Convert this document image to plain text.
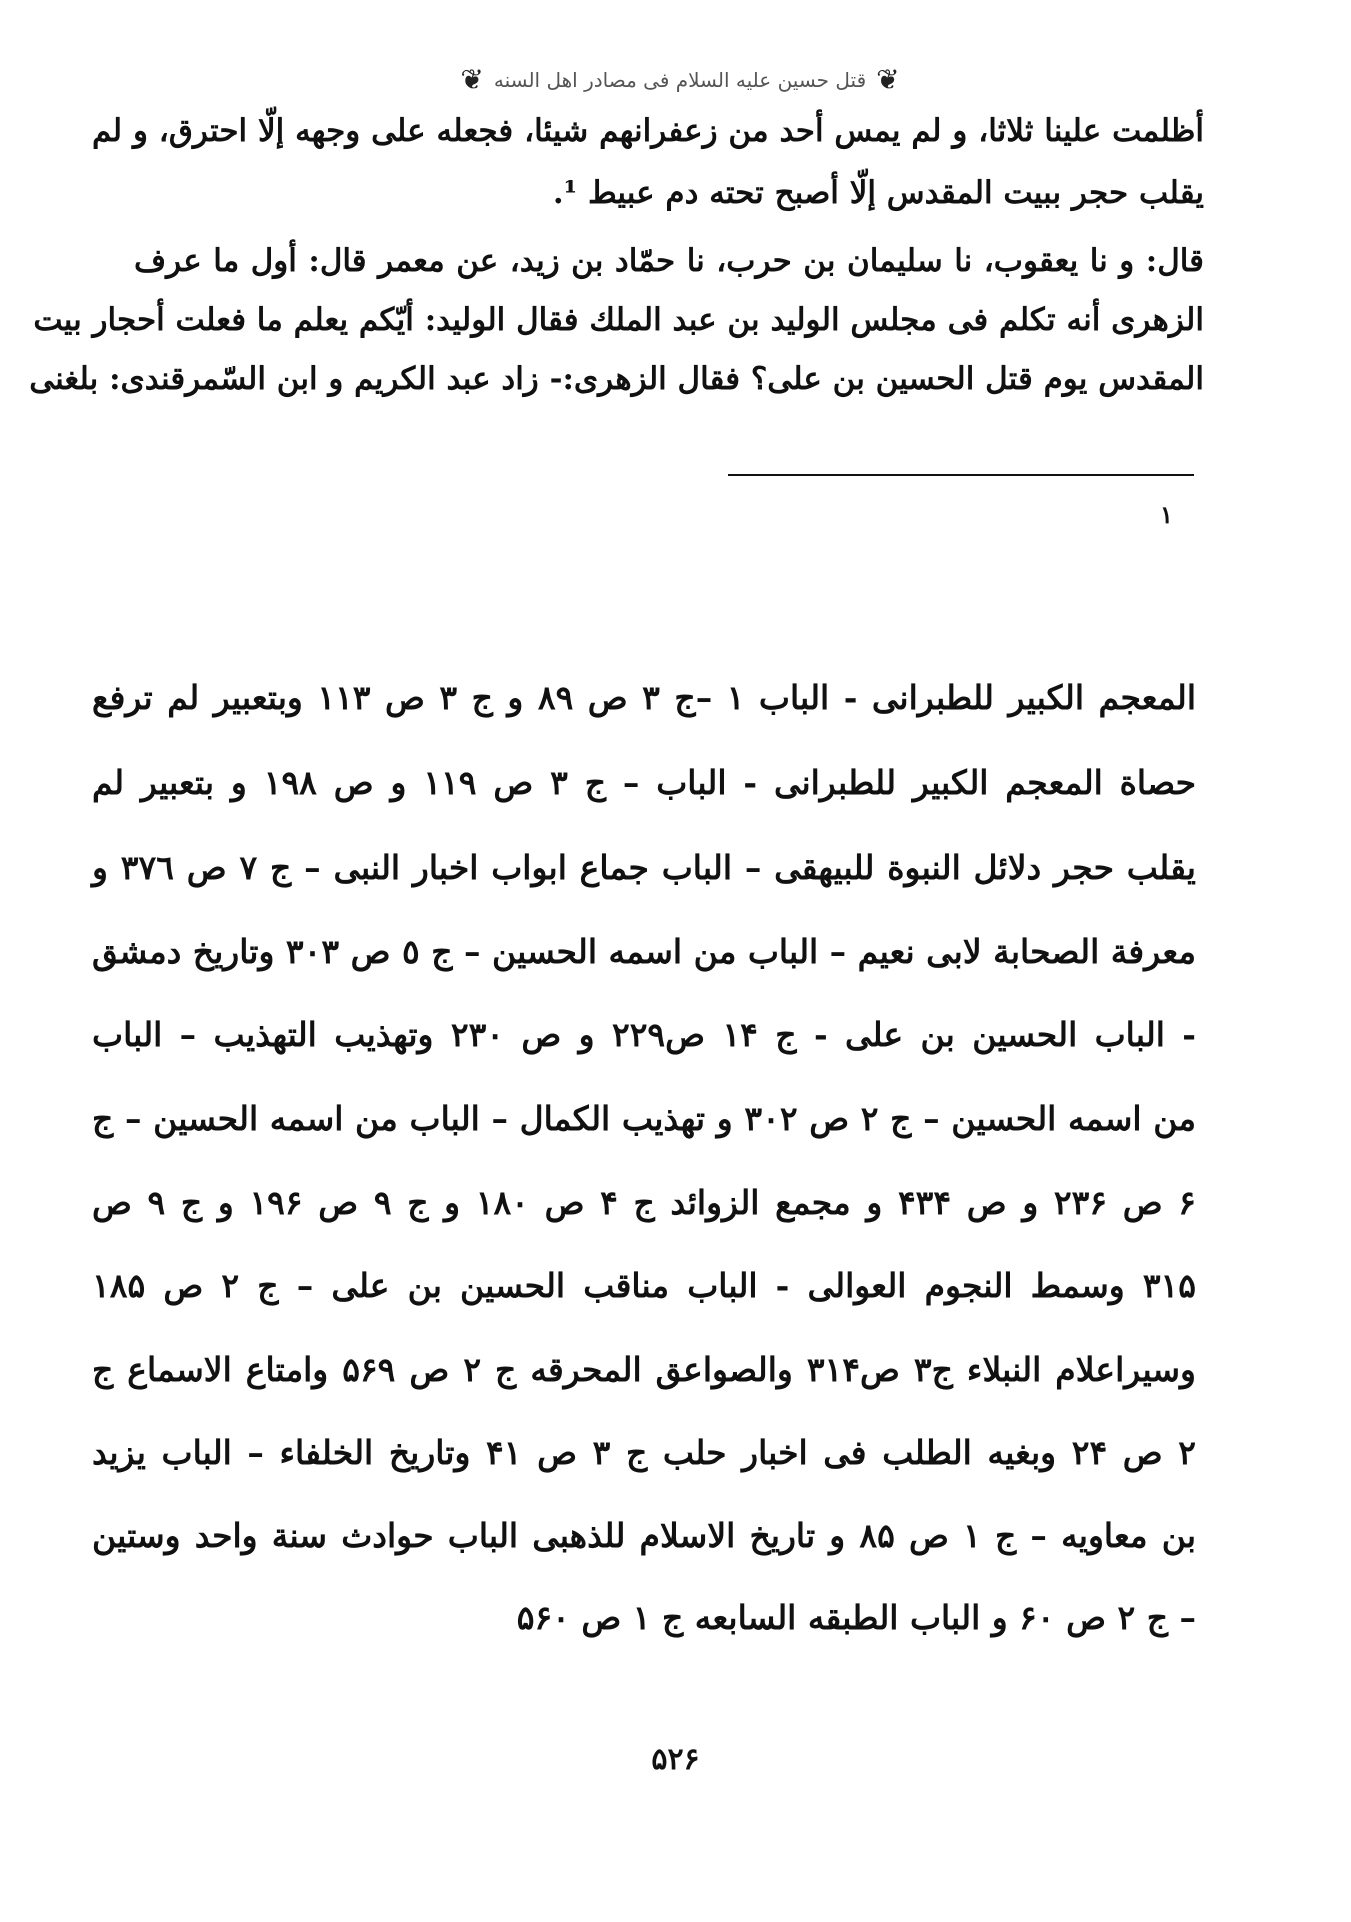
❦
قتل حسین علیه السلام فی مصادر اهل السنه
❦
أظلمت علينا ثلاثا، و لم يمس أحد من زعفرانهم شيئا، فجعله على وجهه إلّا احترق، و لم
يقلب حجر ببيت المقدس إلّا أصبح تحته دم عبيط ¹.
قال: و نا يعقوب، نا سليمان بن حرب، نا حمّاد بن زيد، عن معمر قال: أول ما عرف
الزهرى أنه تكلم فى مجلس الوليد بن عبد الملك فقال الوليد: أيّكم يعلم ما فعلت أحجار بيت
المقدس يوم قتل الحسين بن على؟ فقال الزهرى:- زاد عبد الكريم و ابن السّمرقندى: بلغنى
١
المعجم الكبير للطبرانى - الباب ١ –ج ٣ ص ٨٩ و ج ٣ ص ١١٣ وبتعبير لم ترفع
حصاة المعجم الكبير للطبرانى - الباب – ج ٣ ص ١١٩ و ص ١٩٨ و بتعبير لم
يقلب حجر دلائل النبوة للبيهقى – الباب جماع ابواب اخبار النبى – ج ٧ ص ٣٧٦ و
معرفة الصحابة لابى نعيم – الباب من اسمه الحسين – ج ٥ ص ٣٠٣ وتاريخ دمشق
- الباب الحسين بن على - ج ١۴ ص٢٢٩ و ص ٢٣٠ وتهذيب التهذيب – الباب
من اسمه الحسين – ج ٢ ص ٣٠٢ و تهذيب الكمال – الباب من اسمه الحسين – ج
۶ ص ٢٣۶ و ص ۴٣۴ و مجمع الزوائد ج ۴ ص ١٨٠ و ج ٩ ص ١٩۶ و ج ٩ ص
٣١۵ وسمط النجوم العوالى - الباب مناقب الحسين بن على – ج ٢ ص ١٨۵
وسيراعلام النبلاء ج٣ ص٣١۴ والصواعق المحرقه ج ٢ ص ۵۶٩ وامتاع الاسماع ج
٢ ص ٢۴ وبغيه الطلب فى اخبار حلب ج ٣ ص ۴١ وتاريخ الخلفاء – الباب يزيد
بن معاويه – ج ١ ص ٨۵ و تاريخ الاسلام للذهبى الباب حوادث سنة واحد وستين
– ج ٢ ص ۶٠ و الباب الطبقه السابعه ج ١ ص ۵۶٠
۵٢۶
